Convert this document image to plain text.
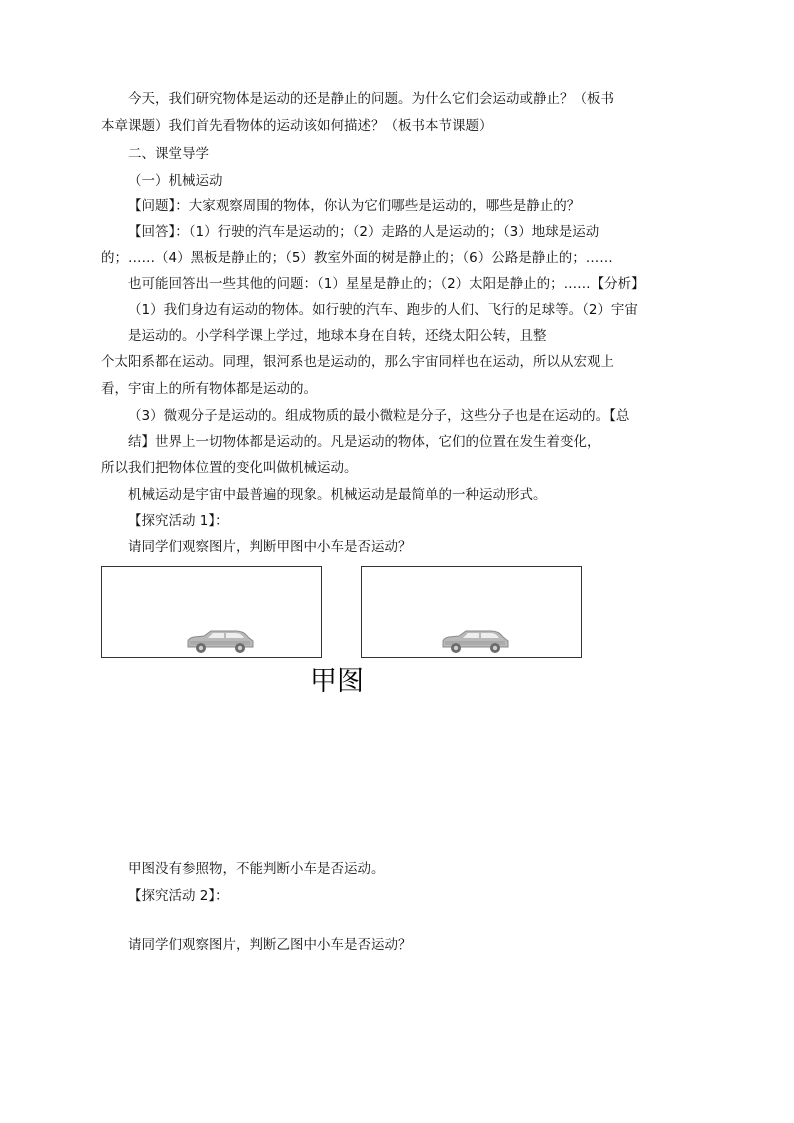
今天，我们研究物体是运动的还是静止的问题。为什么它们会运动或静止？（板书
本章课题）我们首先看物体的运动该如何描述？（板书本节课题）
二、课堂导学
（一）机械运动
【问题】：大家观察周围的物体，你认为它们哪些是运动的，哪些是静止的？
【回答】：（1）行驶的汽车是运动的；（2）走路的人是运动的；（3）地球是运动
的；……（4）黑板是静止的；（5）教室外面的树是静止的；（6）公路是静止的；……
也可能回答出一些其他的问题：（1）星星是静止的；（2）太阳是静止的；……【分析】
（1）我们身边有运动的物体。如行驶的汽车、跑步的人们、飞行的足球等。（2）宇宙
是运动的。小学科学课上学过，地球本身在自转，还绕太阳公转，且整
个太阳系都在运动。同理，银河系也是运动的，那么宇宙同样也在运动，所以从宏观上
看，宇宙上的所有物体都是运动的。
（3）微观分子是运动的。组成物质的最小微粒是分子，这些分子也是在运动的。【总
结】世界上一切物体都是运动的。凡是运动的物体，它们的位置在发生着变化，
所以我们把物体位置的变化叫做机械运动。
机械运动是宇宙中最普遍的现象。机械运动是最简单的一种运动形式。
【探究活动 1】：
请同学们观察图片，判断甲图中小车是否运动？
甲图
甲图没有参照物，不能判断小车是否运动。
【探究活动 2】：
请同学们观察图片，判断乙图中小车是否运动？
